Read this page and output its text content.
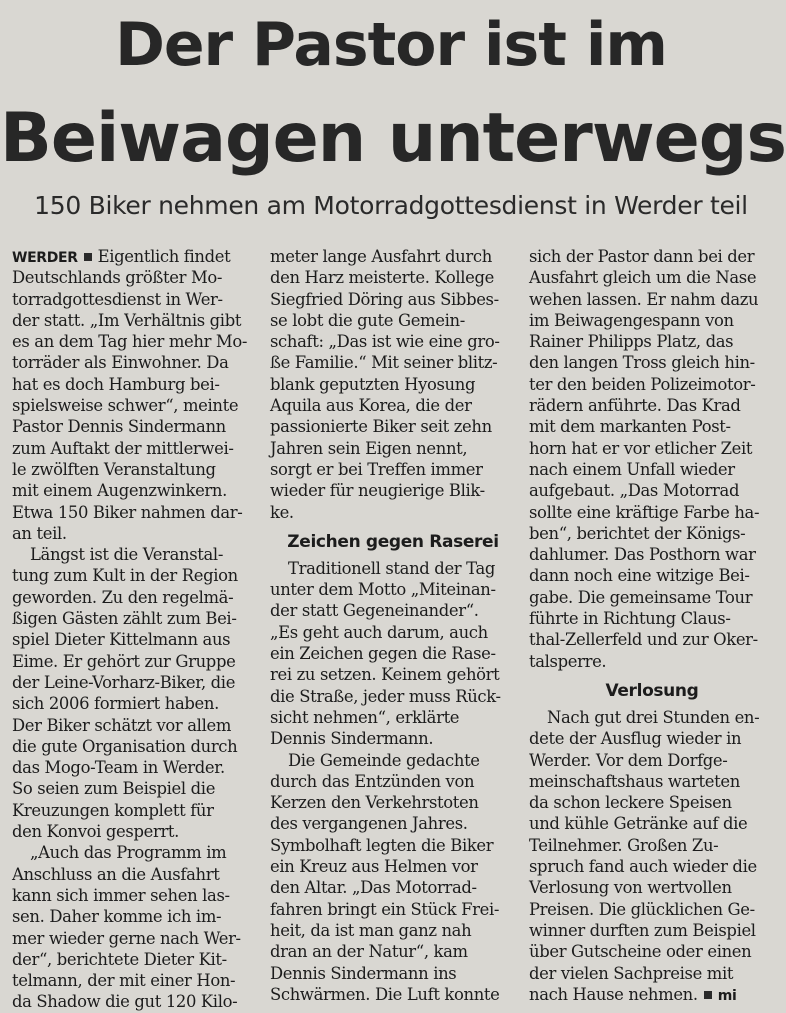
Der Pastor ist im
Beiwagen unterwegs
150 Biker nehmen am Motorradgottesdienst in Werder teil
WERDER Eigentlich findet
Deutschlands größter Mo-
torradgottesdienst in Wer-
der statt. „Im Verhältnis gibt
es an dem Tag hier mehr Mo-
torräder als Einwohner. Da
hat es doch Hamburg bei-
spielsweise schwer“, meinte
Pastor Dennis Sindermann
zum Auftakt der mittlerwei-
le zwölften Veranstaltung
mit einem Augenzwinkern.
Etwa 150 Biker nahmen dar-
an teil.
Längst ist die Veranstal-
tung zum Kult in der Region
geworden. Zu den regelmä-
ßigen Gästen zählt zum Bei-
spiel Dieter Kittelmann aus
Eime. Er gehört zur Gruppe
der Leine-Vorharz-Biker, die
sich 2006 formiert haben.
Der Biker schätzt vor allem
die gute Organisation durch
das Mogo-Team in Werder.
So seien zum Beispiel die
Kreuzungen komplett für
den Konvoi gesperrt.
„Auch das Programm im
Anschluss an die Ausfahrt
kann sich immer sehen las-
sen. Daher komme ich im-
mer wieder gerne nach Wer-
der“, berichtete Dieter Kit-
telmann, der mit einer Hon-
da Shadow die gut 120 Kilo-
meter lange Ausfahrt durch
den Harz meisterte. Kollege
Siegfried Döring aus Sibbes-
se lobt die gute Gemein-
schaft: „Das ist wie eine gro-
ße Familie.“ Mit seiner blitz-
blank geputzten Hyosung
Aquila aus Korea, die der
passionierte Biker seit zehn
Jahren sein Eigen nennt,
sorgt er bei Treffen immer
wieder für neugierige Blik-
ke.
Zeichen gegen Raserei
Traditionell stand der Tag
unter dem Motto „Miteinan-
der statt Gegeneinander“.
„Es geht auch darum, auch
ein Zeichen gegen die Rase-
rei zu setzen. Keinem gehört
die Straße, jeder muss Rück-
sicht nehmen“, erklärte
Dennis Sindermann.
Die Gemeinde gedachte
durch das Entzünden von
Kerzen den Verkehrstoten
des vergangenen Jahres.
Symbolhaft legten die Biker
ein Kreuz aus Helmen vor
den Altar. „Das Motorrad-
fahren bringt ein Stück Frei-
heit, da ist man ganz nah
dran an der Natur“, kam
Dennis Sindermann ins
Schwärmen. Die Luft konnte
sich der Pastor dann bei der
Ausfahrt gleich um die Nase
wehen lassen. Er nahm dazu
im Beiwagengespann von
Rainer Philipps Platz, das
den langen Tross gleich hin-
ter den beiden Polizeimotor-
rädern anführte. Das Krad
mit dem markanten Post-
horn hat er vor etlicher Zeit
nach einem Unfall wieder
aufgebaut. „Das Motorrad
sollte eine kräftige Farbe ha-
ben“, berichtet der Königs-
dahlumer. Das Posthorn war
dann noch eine witzige Bei-
gabe. Die gemeinsame Tour
führte in Richtung Claus-
thal-Zellerfeld und zur Oker-
talsperre.
Verlosung
Nach gut drei Stunden en-
dete der Ausflug wieder in
Werder. Vor dem Dorfge-
meinschaftshaus warteten
da schon leckere Speisen
und kühle Getränke auf die
Teilnehmer. Großen Zu-
spruch fand auch wieder die
Verlosung von wertvollen
Preisen. Die glücklichen Ge-
winner durften zum Beispiel
über Gutscheine oder einen
der vielen Sachpreise mit
nach Hause nehmen. mi
